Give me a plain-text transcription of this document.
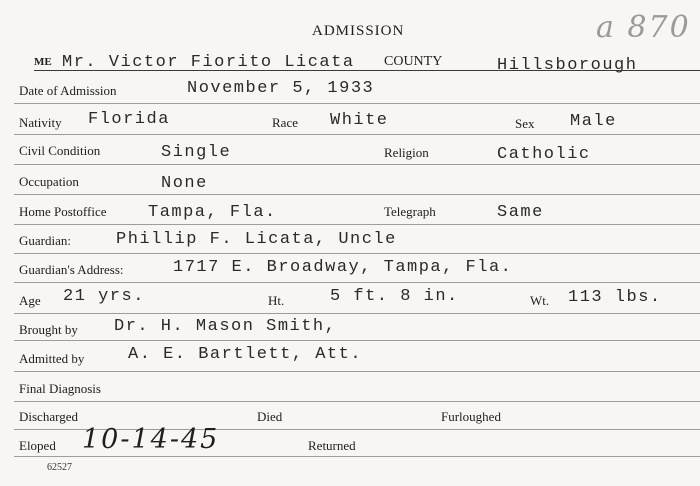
ADMISSION	a 870
ME Mr. Victor Fiorito Licata COUNTY	Hillsborough
Date of Admission	November 5, 1933
Nativity Florida	Race White	Sex Male
Civil Condition	Single	Religion	Catholic
Occupation	None
Home Postoffice Tampa, Fla.	Telegraph	Same
Guardian:	Phillip F. Licata, Uncle
Guardian's Address:	1717 E. Broadway, Tampa, Fla.
Age 21 yrs.	Ht.	5 ft. 8 in.	Wt. 113 lbs.
Brought by Dr. H. Mason Smith,
Admitted by	A. E. Bartlett, Att.
Final Diagnosis
Discharged	Died	Furloughed
Eloped 10-14-45	Returned
62527
